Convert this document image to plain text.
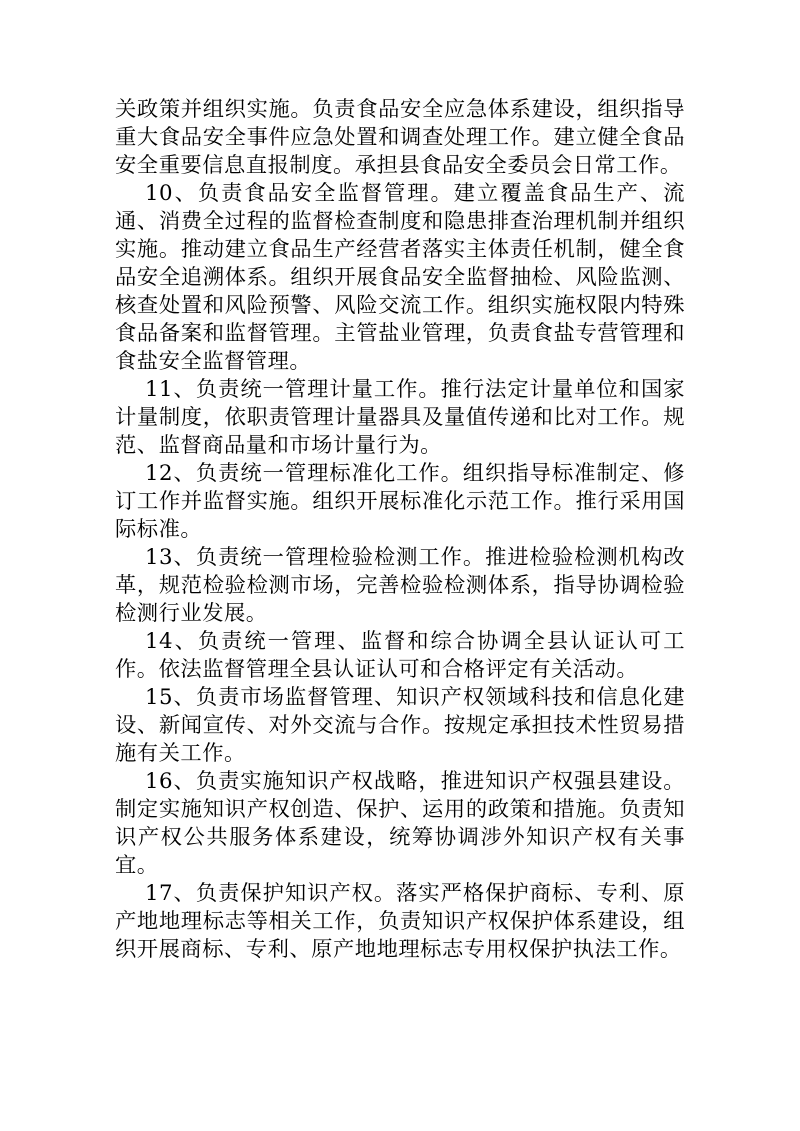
关政策并组织实施。负责食品安全应急体系建设，组织指导重大食品安全事件应急处置和调查处理工作。建立健全食品安全重要信息直报制度。承担县食品安全委员会日常工作。

10、负责食品安全监督管理。建立覆盖食品生产、流通、消费全过程的监督检查制度和隐患排查治理机制并组织实施。推动建立食品生产经营者落实主体责任机制，健全食品安全追溯体系。组织开展食品安全监督抽检、风险监测、核查处置和风险预警、风险交流工作。组织实施权限内特殊食品备案和监督管理。主管盐业管理，负责食盐专营管理和食盐安全监督管理。

11、负责统一管理计量工作。推行法定计量单位和国家计量制度，依职责管理计量器具及量值传递和比对工作。规范、监督商品量和市场计量行为。

12、负责统一管理标准化工作。组织指导标准制定、修订工作并监督实施。组织开展标准化示范工作。推行采用国际标准。

13、负责统一管理检验检测工作。推进检验检测机构改革，规范检验检测市场，完善检验检测体系，指导协调检验检测行业发展。

14、负责统一管理、监督和综合协调全县认证认可工作。依法监督管理全县认证认可和合格评定有关活动。

15、负责市场监督管理、知识产权领域科技和信息化建设、新闻宣传、对外交流与合作。按规定承担技术性贸易措施有关工作。

16、负责实施知识产权战略，推进知识产权强县建设。制定实施知识产权创造、保护、运用的政策和措施。负责知识产权公共服务体系建设，统筹协调涉外知识产权有关事宜。

17、负责保护知识产权。落实严格保护商标、专利、原产地地理标志等相关工作，负责知识产权保护体系建设，组织开展商标、专利、原产地地理标志专用权保护执法工作。
